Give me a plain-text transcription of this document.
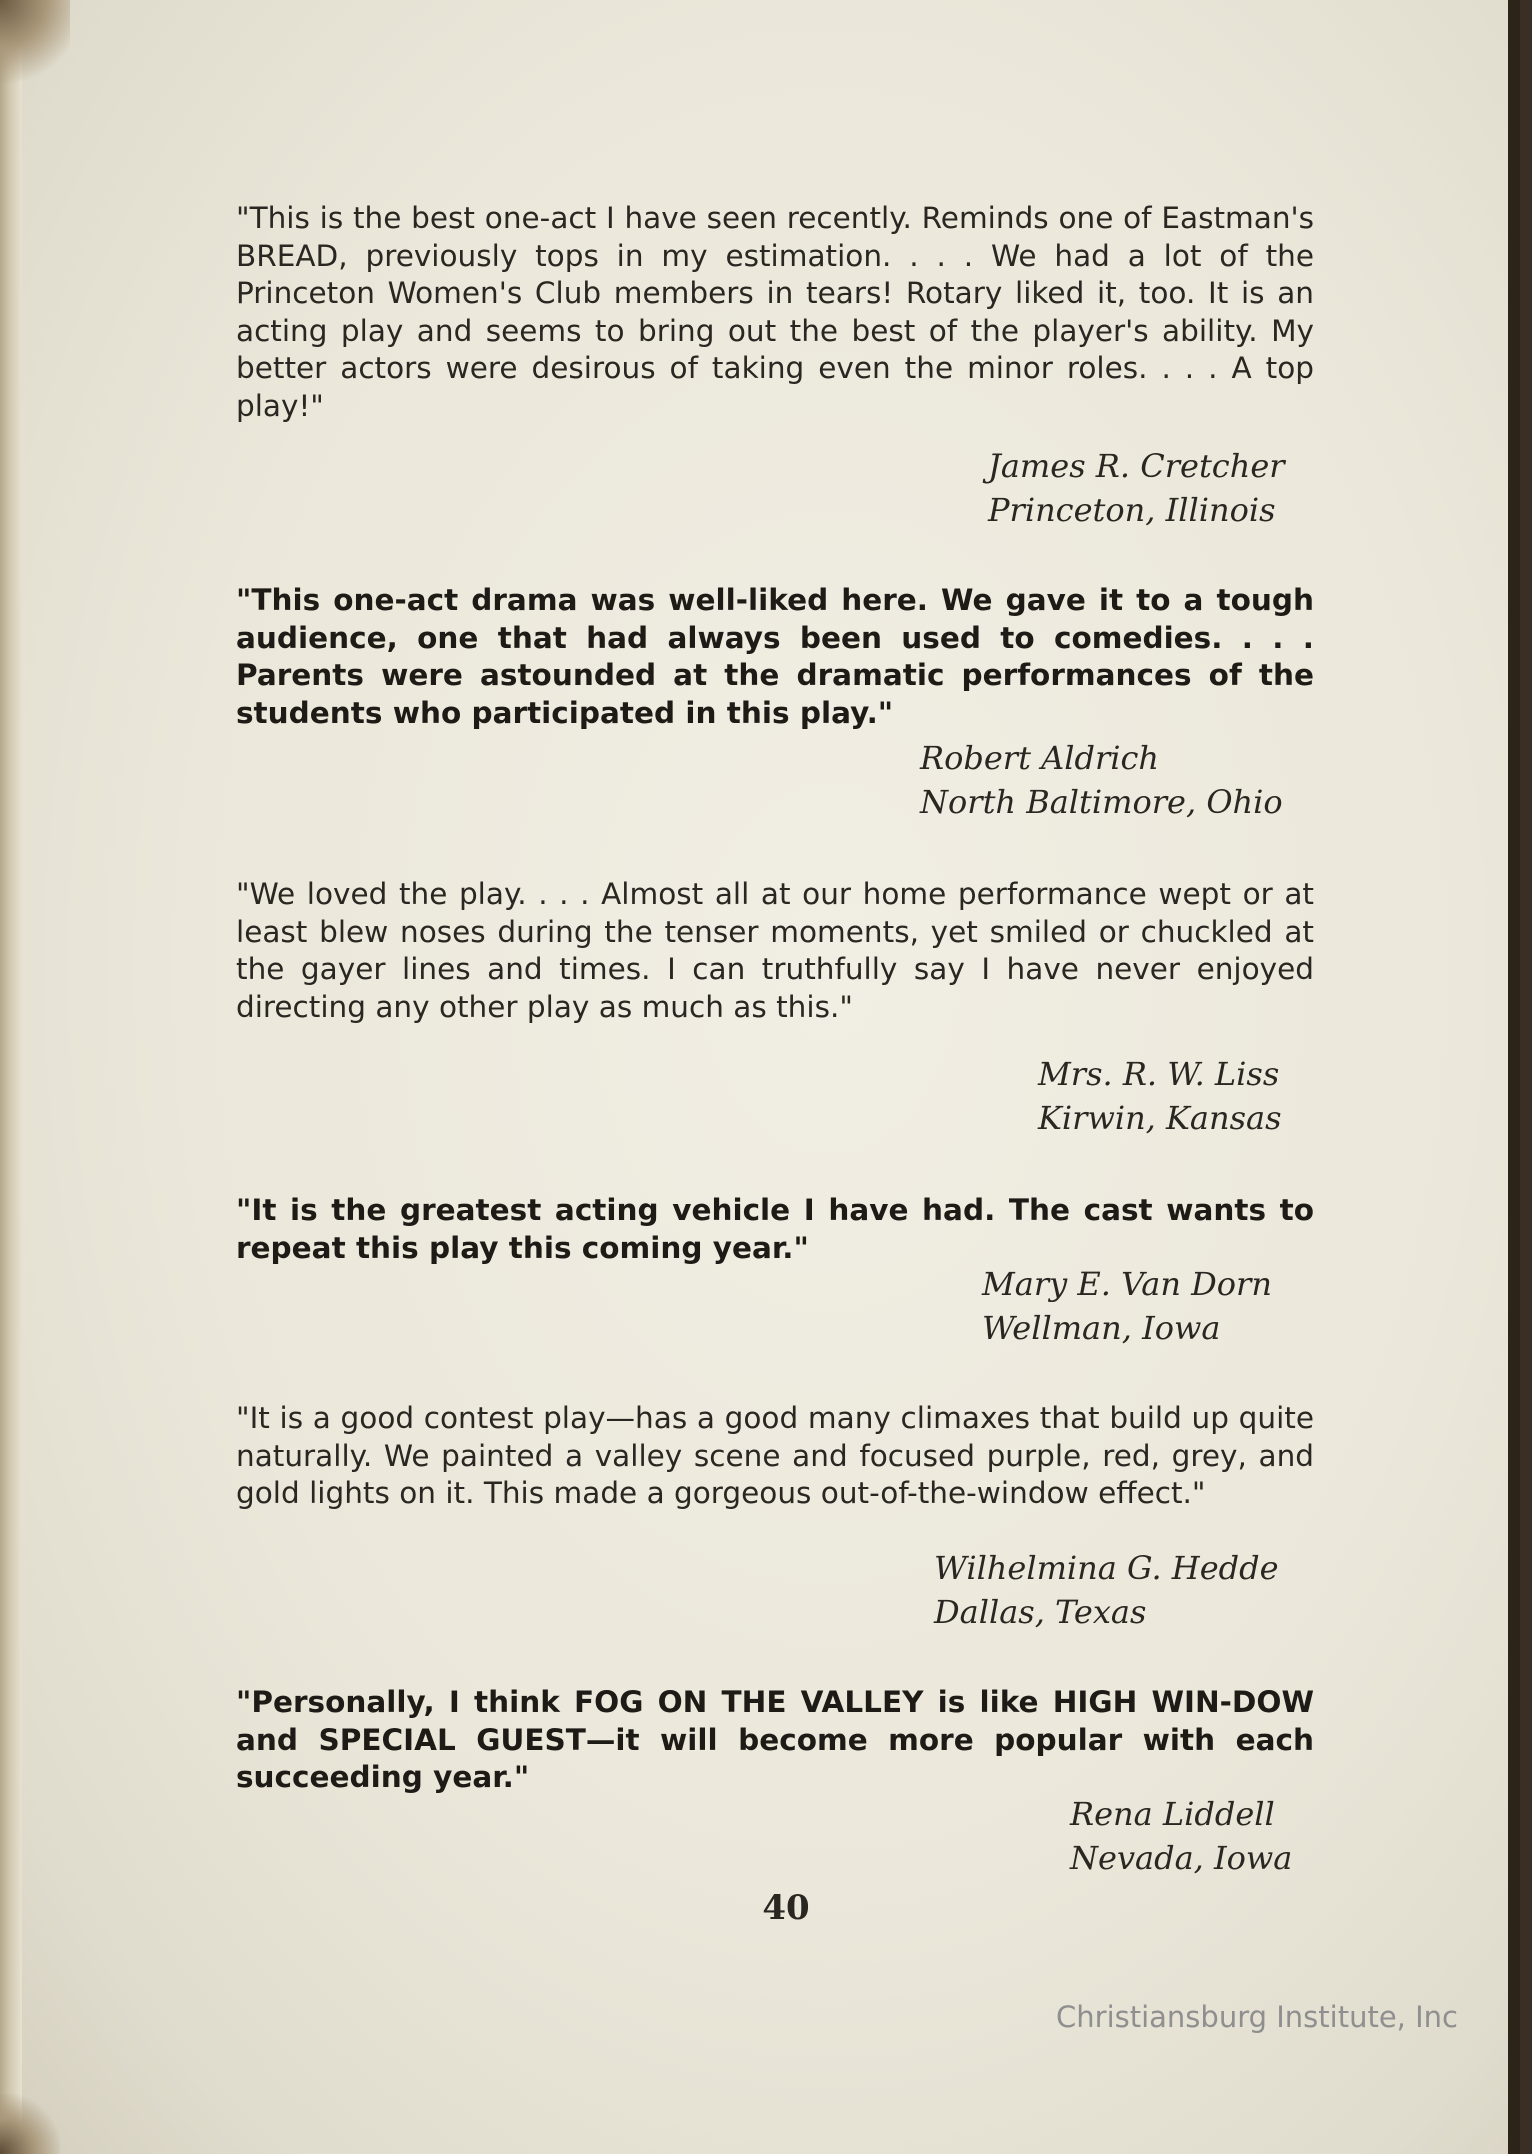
"This is the best one-act I have seen recently. Reminds one of Eastman's BREAD, previously tops in my estimation. . . . We had a lot of the Princeton Women's Club members in tears! Rotary liked it, too. It is an acting play and seems to bring out the best of the player's ability. My better actors were desirous of taking even the minor roles. . . . A top play!"

James R. Cretcher
Princeton, Illinois

"This one-act drama was well-liked here. We gave it to a tough audience, one that had always been used to comedies. . . . Parents were astounded at the dramatic performances of the students who participated in this play."

Robert Aldrich
North Baltimore, Ohio

"We loved the play. . . . Almost all at our home performance wept or at least blew noses during the tenser moments, yet smiled or chuckled at the gayer lines and times. I can truthfully say I have never enjoyed directing any other play as much as this."

Mrs. R. W. Liss
Kirwin, Kansas

"It is the greatest acting vehicle I have had. The cast wants to repeat this play this coming year."

Mary E. Van Dorn
Wellman, Iowa

"It is a good contest play—has a good many climaxes that build up quite naturally. We painted a valley scene and focused purple, red, grey, and gold lights on it. This made a gorgeous out-of-the-window effect."

Wilhelmina G. Hedde
Dallas, Texas

"Personally, I think FOG ON THE VALLEY is like HIGH WIN-DOW and SPECIAL GUEST—it will become more popular with each succeeding year."

Rena Liddell
Nevada, Iowa
40
Christiansburg Institute, Inc
